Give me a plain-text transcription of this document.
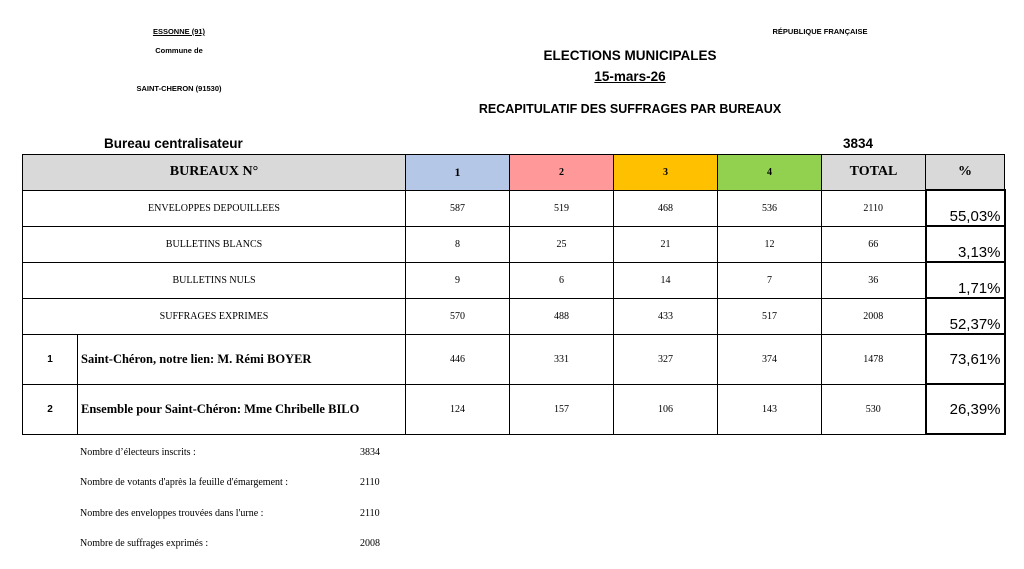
ESSONNE (91)
Commune de
SAINT-CHERON (91530)
RÉPUBLIQUE FRANÇAISE
ELECTIONS MUNICIPALES
15-mars-26
RECAPITULATIF DES SUFFRAGES PAR BUREAUX
Bureau centralisateur	3834
BUREAUX N°		1	2	3	4	TOTAL	%
ENVELOPPES DEPOUILLEES		587	519	468	536	2110	55,03%
BULLETINS BLANCS		8	25	21	12	66	3,13%
BULLETINS NULS		9	6	14	7	36	1,71%
SUFFRAGES EXPRIMES		570	488	433	517	2008	52,37%
1	Saint-Chéron, notre lien: M. Rémi BOYER	446	331	327	374	1478	73,61%
2	Ensemble pour Saint-Chéron: Mme Chribelle BILO	124	157	106	143	530	26,39%
Nombre d’électeurs inscrits :	3834
Nombre de votants d'après la feuille d'émargement :	2110
Nombre des enveloppes trouvées dans l'urne :	2110
Nombre de suffrages exprimés :	2008
